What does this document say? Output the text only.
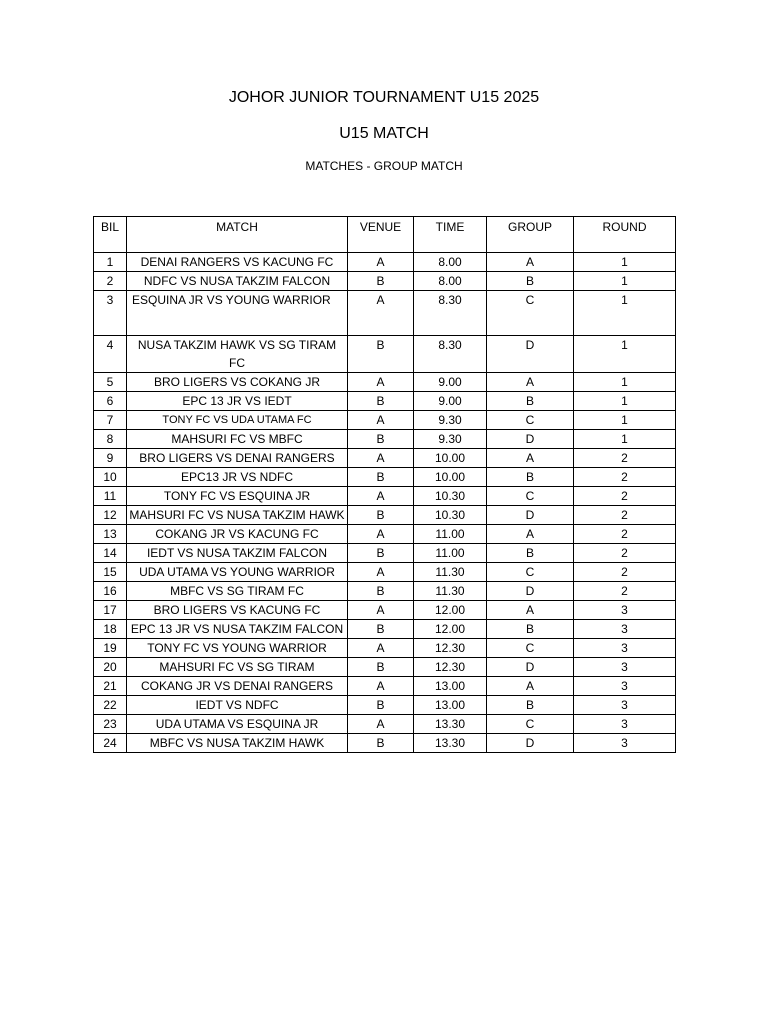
JOHOR JUNIOR TOURNAMENT U15 2025
U15 MATCH
MATCHES - GROUP MATCH
BIL	MATCH	VENUE	TIME	GROUP	ROUND
1	DENAI RANGERS VS KACUNG FC	A	8.00	A	1
2	NDFC VS NUSA TAKZIM FALCON	B	8.00	B	1
3	ESQUINA JR VS YOUNG WARRIOR	A	8.30	C	1
4	NUSA TAKZIM HAWK VS SG TIRAM FC	B	8.30	D	1
5	BRO LIGERS VS COKANG JR	A	9.00	A	1
6	EPC 13 JR VS IEDT	B	9.00	B	1
7	TONY FC VS UDA UTAMA FC	A	9.30	C	1
8	MAHSURI FC VS MBFC	B	9.30	D	1
9	BRO LIGERS VS DENAI RANGERS	A	10.00	A	2
10	EPC13 JR VS NDFC	B	10.00	B	2
11	TONY FC VS ESQUINA JR	A	10.30	C	2
12	MAHSURI FC VS NUSA TAKZIM HAWK	B	10.30	D	2
13	COKANG JR VS KACUNG FC	A	11.00	A	2
14	IEDT VS NUSA TAKZIM FALCON	B	11.00	B	2
15	UDA UTAMA VS YOUNG WARRIOR	A	11.30	C	2
16	MBFC VS SG TIRAM FC	B	11.30	D	2
17	BRO LIGERS VS KACUNG FC	A	12.00	A	3
18	EPC 13 JR VS NUSA TAKZIM FALCON	B	12.00	B	3
19	TONY FC VS YOUNG WARRIOR	A	12.30	C	3
20	MAHSURI FC VS SG TIRAM	B	12.30	D	3
21	COKANG JR VS DENAI RANGERS	A	13.00	A	3
22	IEDT VS NDFC	B	13.00	B	3
23	UDA UTAMA VS ESQUINA JR	A	13.30	C	3
24	MBFC VS NUSA TAKZIM HAWK	B	13.30	D	3
